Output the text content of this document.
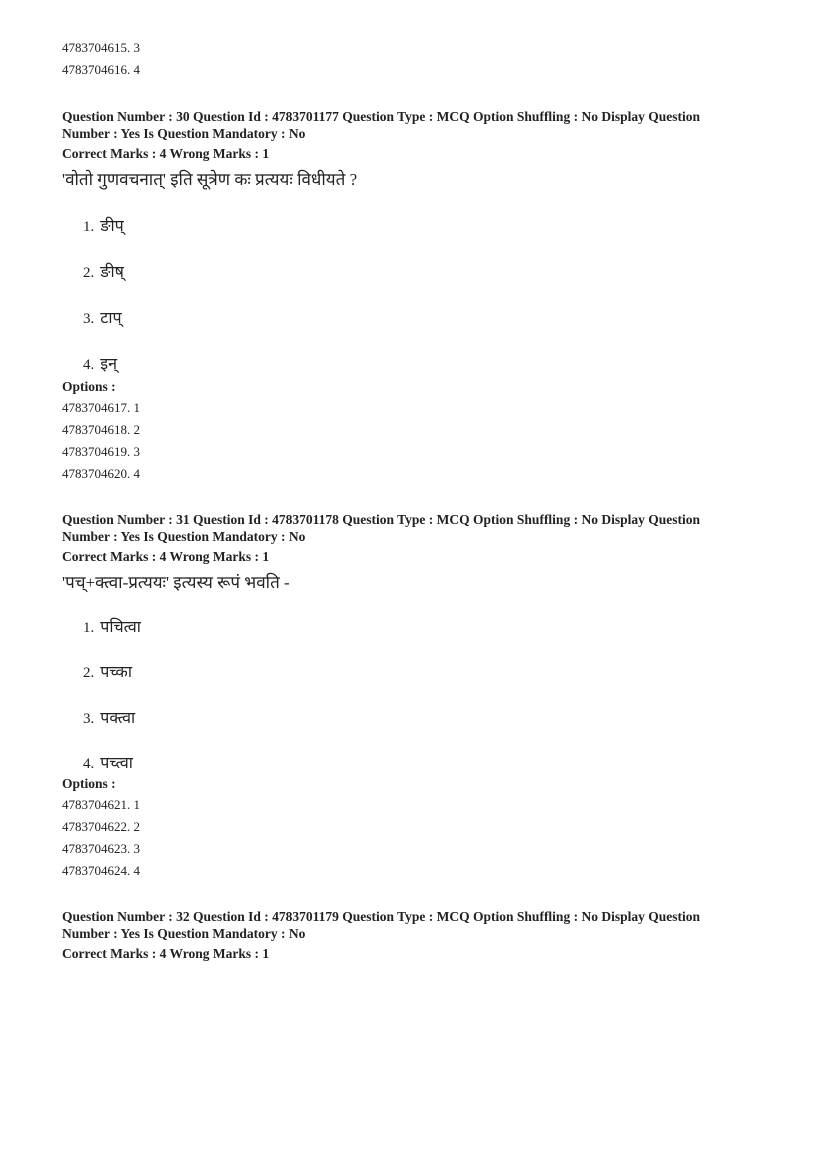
4783704615. 3
4783704616. 4
Question Number : 30 Question Id : 4783701177 Question Type : MCQ Option Shuffling : No Display Question
Number : Yes Is Question Mandatory : No
Correct Marks : 4 Wrong Marks : 1
'वोतो गुणवचनात्' इति सूत्रेण कः प्रत्ययः विधीयते ?
1. ङीप्
2. ङीष्
3. टाप्
4. इन्
Options :
4783704617. 1
4783704618. 2
4783704619. 3
4783704620. 4
Question Number : 31 Question Id : 4783701178 Question Type : MCQ Option Shuffling : No Display Question
Number : Yes Is Question Mandatory : No
Correct Marks : 4 Wrong Marks : 1
'पच्+क्त्वा-प्रत्ययः' इत्यस्य रूपं भवति -
1. पचित्वा
2. पच्का
3. पक्त्वा
4. पच्त्वा
Options :
4783704621. 1
4783704622. 2
4783704623. 3
4783704624. 4
Question Number : 32 Question Id : 4783701179 Question Type : MCQ Option Shuffling : No Display Question
Number : Yes Is Question Mandatory : No
Correct Marks : 4 Wrong Marks : 1
